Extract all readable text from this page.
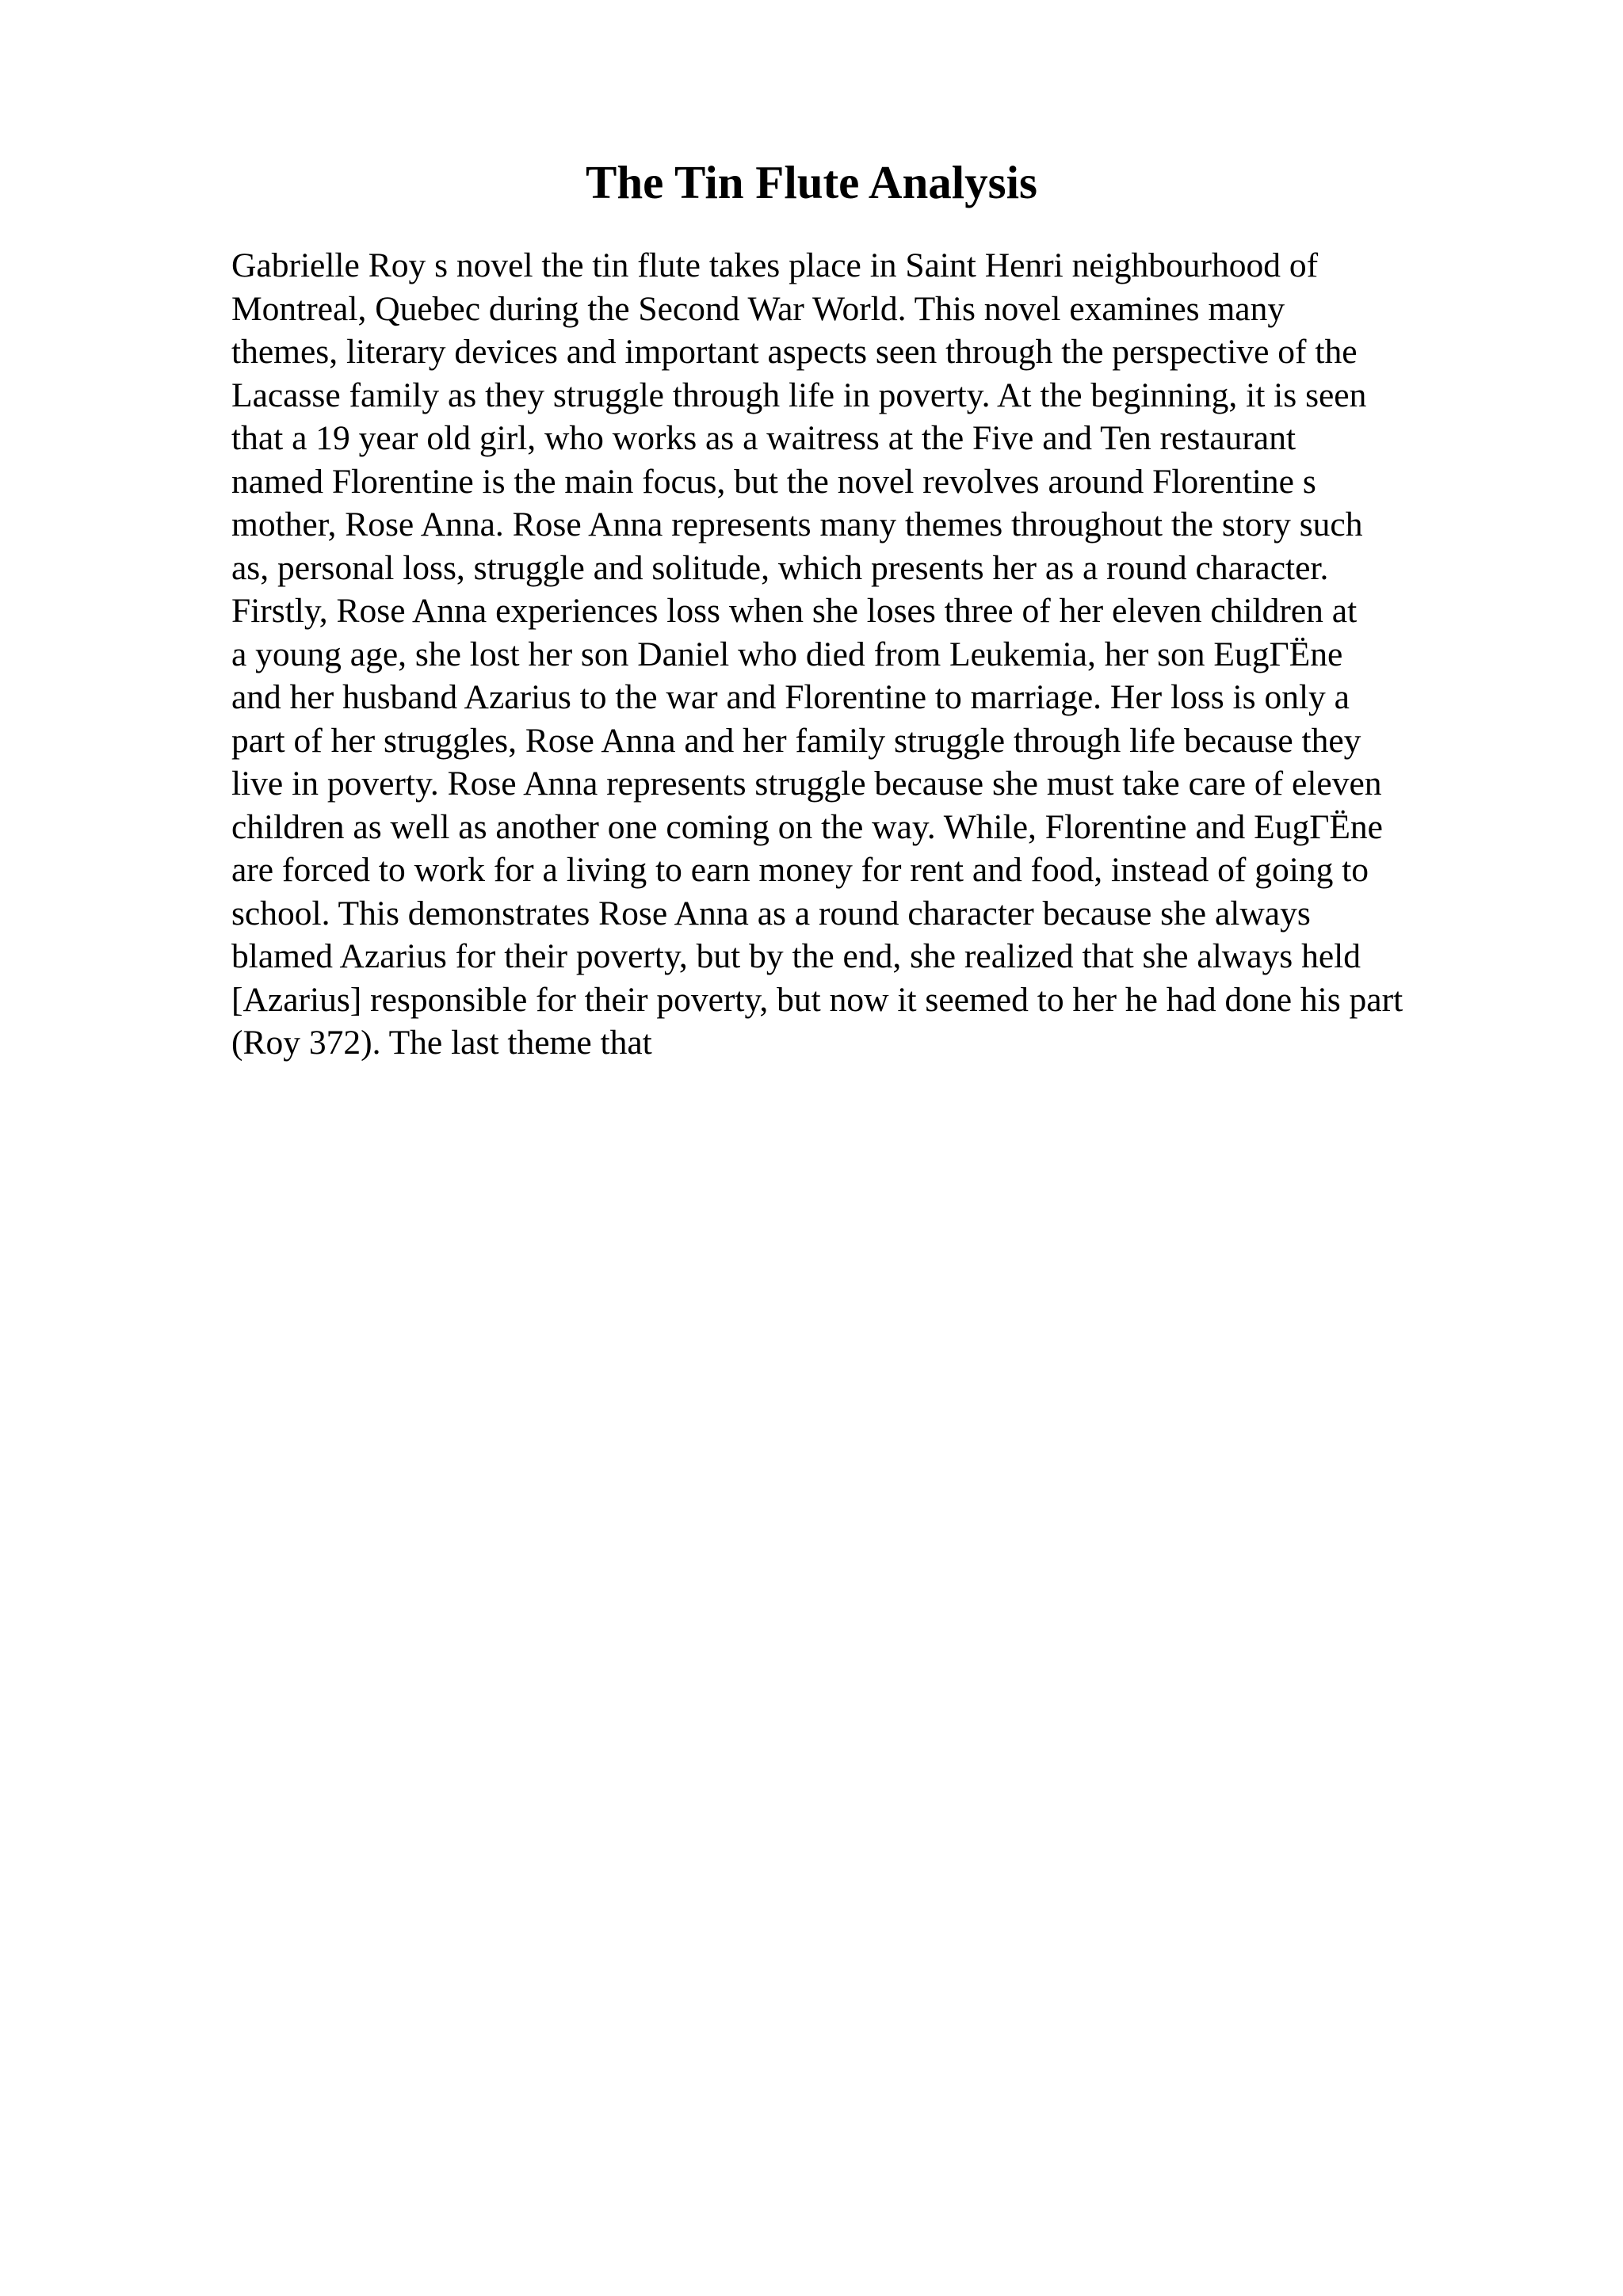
The Tin Flute Analysis
Gabrielle Roy s novel the tin flute takes place in Saint Henri neighbourhood of
Montreal, Quebec during the Second War World. This novel examines many
themes, literary devices and important aspects seen through the perspective of the
Lacasse family as they struggle through life in poverty. At the beginning, it is seen
that a 19 year old girl, who works as a waitress at the Five and Ten restaurant
named Florentine is the main focus, but the novel revolves around Florentine s
mother, Rose Anna. Rose Anna represents many themes throughout the story such
as, personal loss, struggle and solitude, which presents her as a round character.
Firstly, Rose Anna experiences loss when she loses three of her eleven children at
a young age, she lost her son Daniel who died from Leukemia, her son EugΓËne
and her husband Azarius to the war and Florentine to marriage. Her loss is only a
part of her struggles, Rose Anna and her family struggle through life because they
live in poverty. Rose Anna represents struggle because she must take care of eleven
children as well as another one coming on the way. While, Florentine and EugΓËne
are forced to work for a living to earn money for rent and food, instead of going to
school. This demonstrates Rose Anna as a round character because she always
blamed Azarius for their poverty, but by the end, she realized that she always held
[Azarius] responsible for their poverty, but now it seemed to her he had done his part
(Roy 372). The last theme that
